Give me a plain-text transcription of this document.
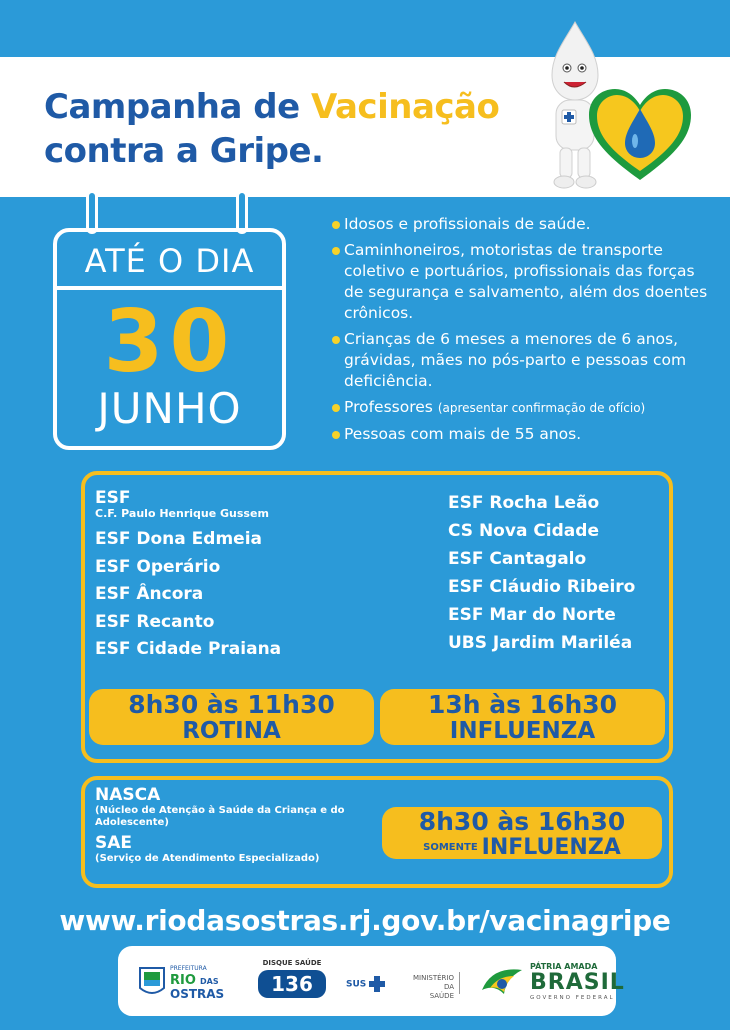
Campanha de Vacinação
contra a Gripe.
ATÉ O DIA
30
JUNHO
Idosos e profissionais de saúde.
Caminhoneiros, motoristas de transporte coletivo e portuários, profissionais das forças de segurança e salvamento, além dos doentes crônicos.
Crianças de 6 meses a menores de 6 anos, grávidas, mães no pós-parto e pessoas com deficiência.
Professores (apresentar confirmação de ofício)
Pessoas com mais de 55 anos.
ESF
C.F. Paulo Henrique Gussem
ESF Dona Edmeia
ESF Operário
ESF Âncora
ESF Recanto
ESF Cidade Praiana
ESF Rocha Leão
CS Nova Cidade
ESF Cantagalo
ESF Cláudio Ribeiro
ESF Mar do Norte
UBS Jardim Mariléa
8h30 às 11h30
ROTINA
13h às 16h30
INFLUENZA
NASCA
(Núcleo de Atenção à Saúde da Criança e do Adolescente)
SAE
(Serviço de Atendimento Especializado)
8h30 às 16h30
SOMENTE INFLUENZA
www.riodasostras.rj.gov.br/vacinagripe
PREFEITURA
RIO DAS
OSTRAS
DISQUE SAÚDE
136	SUS
MINISTÉRIO DA
SAÚDE
PÁTRIA AMADA
BRASIL
GOVERNO FEDERAL
